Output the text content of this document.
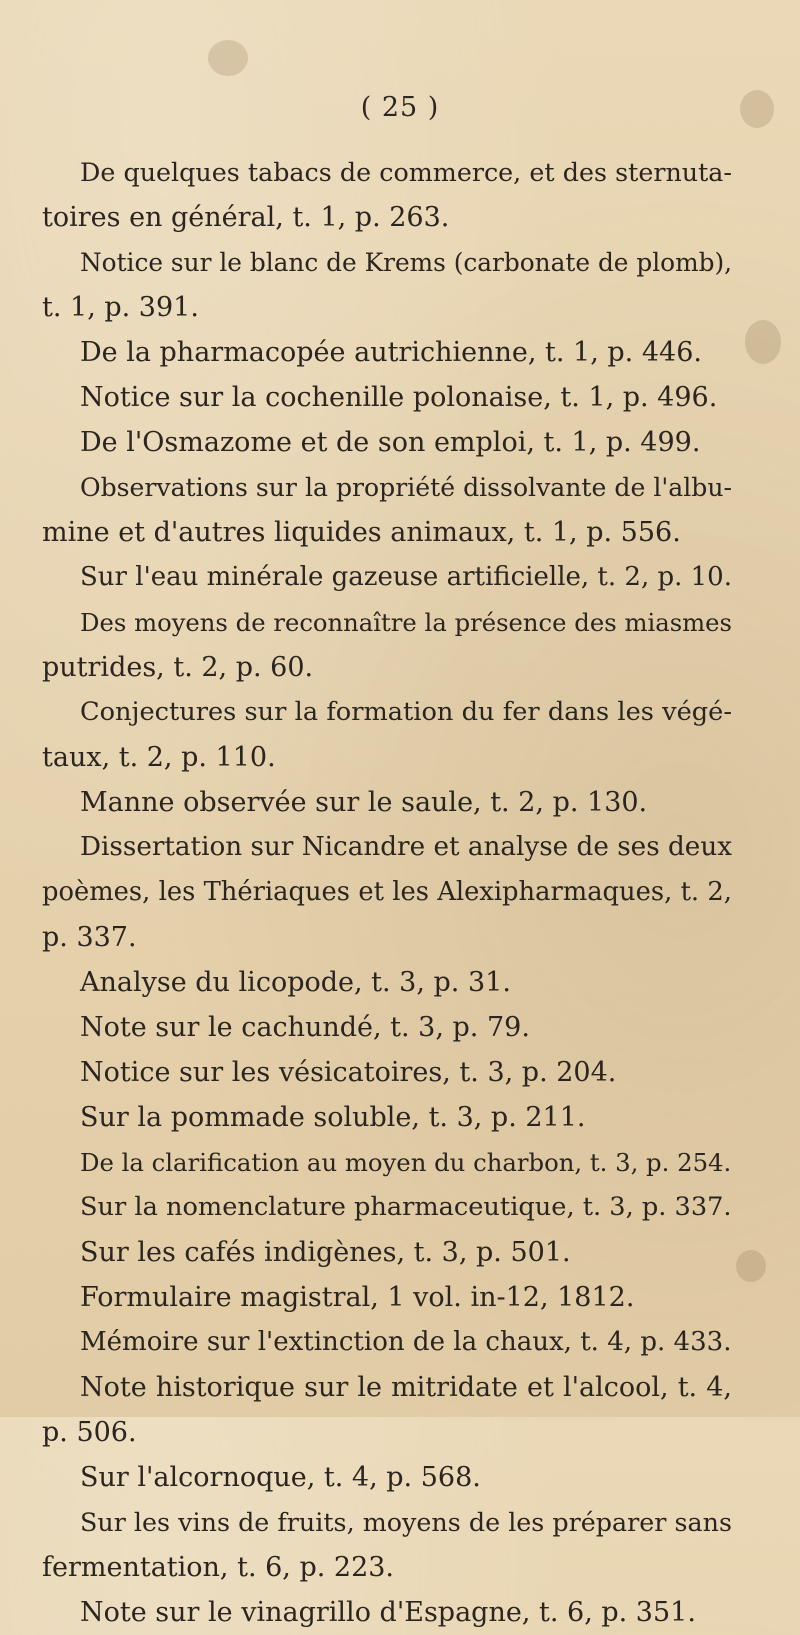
( 25 )
De quelques tabacs de commerce, et des sternuta-
toires en général, t. 1, p. 263.
Notice sur le blanc de Krems (carbonate de plomb),
t. 1, p. 391.
De la pharmacopée autrichienne, t. 1, p. 446.
Notice sur la cochenille polonaise, t. 1, p. 496.
De l'Osmazome et de son emploi, t. 1, p. 499.
Observations sur la propriété dissolvante de l'albu-
mine et d'autres liquides animaux, t. 1, p. 556.
Sur l'eau minérale gazeuse artificielle, t. 2, p. 10.
Des moyens de reconnaître la présence des miasmes
putrides, t. 2, p. 60.
Conjectures sur la formation du fer dans les végé-
taux, t. 2, p. 110.
Manne observée sur le saule, t. 2, p. 130.
Dissertation sur Nicandre et analyse de ses deux
poèmes, les Thériaques et les Alexipharmaques, t. 2,
p. 337.
Analyse du licopode, t. 3, p. 31.
Note sur le cachundé, t. 3, p. 79.
Notice sur les vésicatoires, t. 3, p. 204.
Sur la pommade soluble, t. 3, p. 211.
De la clarification au moyen du charbon, t. 3, p. 254.
Sur la nomenclature pharmaceutique, t. 3, p. 337.
Sur les cafés indigènes, t. 3, p. 501.
Formulaire magistral, 1 vol. in-12, 1812.
Mémoire sur l'extinction de la chaux, t. 4, p. 433.
Note historique sur le mitridate et l'alcool, t. 4,
p. 506.
Sur l'alcornoque, t. 4, p. 568.
Sur les vins de fruits, moyens de les préparer sans
fermentation, t. 6, p. 223.
Note sur le vinagrillo d'Espagne, t. 6, p. 351.
